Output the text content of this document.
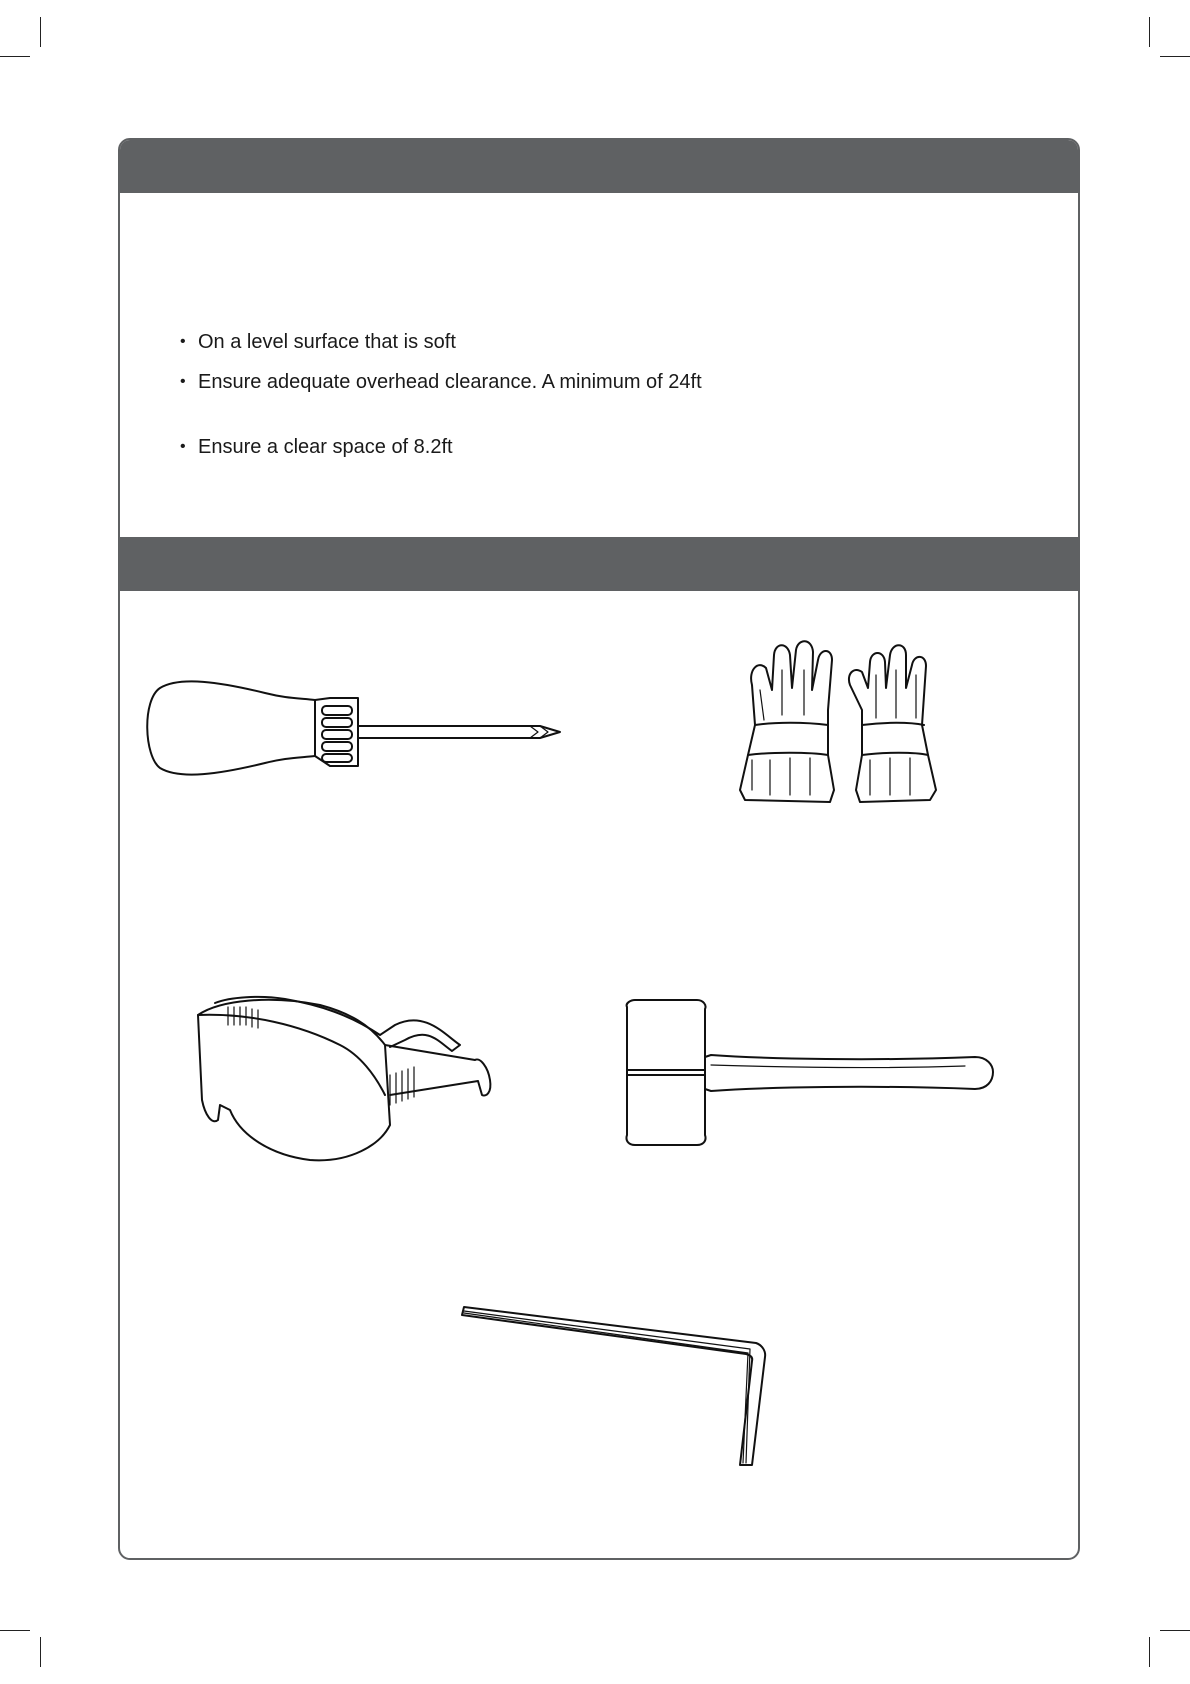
• On a level surface that is soft
• Ensure adequate overhead clearance. A minimum of 24ft
• Ensure a clear space of 8.2ft
